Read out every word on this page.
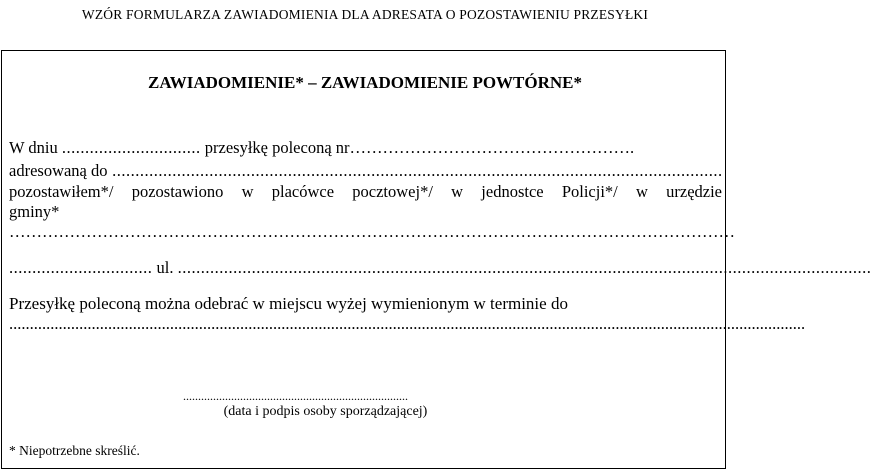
WZÓR FORMULARZA ZAWIADOMIENIA DLA ADRESATA O POZOSTAWIENIU PRZESYŁKI
ZAWIADOMIENIE* – ZAWIADOMIENIE POWTÓRNE*
W dniu .............................. przesyłkę poleconą nr…………………………………………….
adresowaną do ....................................................................................................................................
pozostawiłem*/ pozostawiono w placówce pocztowej*/ w jednostce Policji*/ w urzędzie
gminy*
……………………………………………………………………………………………………………………
............................... ul. ......................................................................................................................................................
Przesyłkę poleconą można odebrać w miejscu wyżej wymienionym w terminie do
.................................................................................................................................................................................................
...........................................................................
(data i podpis osoby sporządzającej)
* Niepotrzebne skreślić.
